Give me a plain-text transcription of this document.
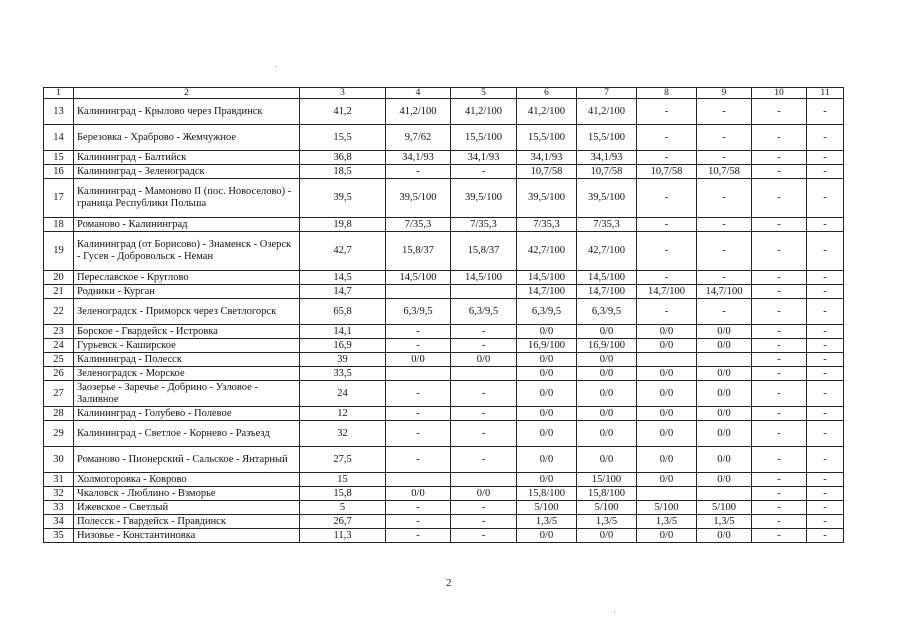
1	2	3	4	5	6	7	8	9	10	11
13	Калининград - Крылово через Правдинск	41,2	41,2/100	41,2/100	41,2/100	41,2/100	-	-	-	-
14	Березовка - Храброво - Жемчужное	15,5	9,7/62	15,5/100	15,5/100	15,5/100	-	-	-	-
15	Калининград - Балтийск	36,8	34,1/93	34,1/93	34,1/93	34,1/93	-	-	-	-
16	Калининград - Зеленоградск	18,5	-	-	10,7/58	10,7/58	10,7/58	10,7/58	-	-
17	Калининград - Мамоново II (пос. Новоселово) - граница Республики Польша	39,5	39,5/100	39,5/100	39,5/100	39,5/100	-	-	-	-
18	Романово - Калининград	19,8	7/35,3	7/35,3	7/35,3	7/35,3	-	-	-	-
19	Калининград (от Борисово) - Знаменск - Озерск - Гусев - Добровольск - Неман	42,7	15,8/37	15,8/37	42,7/100	42,7/100	-	-	-	-
20	Переславское - Круглово	14,5	14,5/100	14,5/100	14,5/100	14,5/100	-	-	-	-
21	Родники - Курган	14,7			14,7/100	14,7/100	14,7/100	14,7/100	-	-
22	Зеленоградск - Приморск через Светлогорск	65,8	6,3/9,5	6,3/9,5	6,3/9,5	6,3/9,5	-	-	-	-
23	Борское - Гвардейск - Истровка	14,1	-	-	0/0	0/0	0/0	0/0	-	-
24	Гурьевск - Каширское	16,9	-	-	16,9/100	16,9/100	0/0	0/0	-	-
25	Калининград - Полесск	39	0/0	0/0	0/0	0/0			-	-
26	Зеленоградск - Морское	33,5			0/0	0/0	0/0	0/0	-	-
27	Заозерье - Заречье - Добрино - Узловое - Заливное	24	-	-	0/0	0/0	0/0	0/0	-	-
28	Калининград - Голубево - Полевое	12	-	-	0/0	0/0	0/0	0/0	-	-
29	Калининград - Светлое - Корнево - Разъезд	32	-	-	0/0	0/0	0/0	0/0	-	-
30	Романово - Пионерский - Сальское - Янтарный	27,5	-	-	0/0	0/0	0/0	0/0	-	-
31	Холмогоровка - Коврово	15			0/0	15/100	0/0	0/0	-	-
32	Чкаловск - Люблино - Взморье	15,8	0/0	0/0	15,8/100	15,8/100			-	-
33	Ижевское - Светлый	5	-	-	5/100	5/100	5/100	5/100	-	-
34	Полесск - Гвардейск - Правдинск	26,7	-	-	1,3/5	1,3/5	1,3/5	1,3/5	-	-
35	Низовье - Константиновка	11,3	-	-	0/0	0/0	0/0	0/0	-	-
2
